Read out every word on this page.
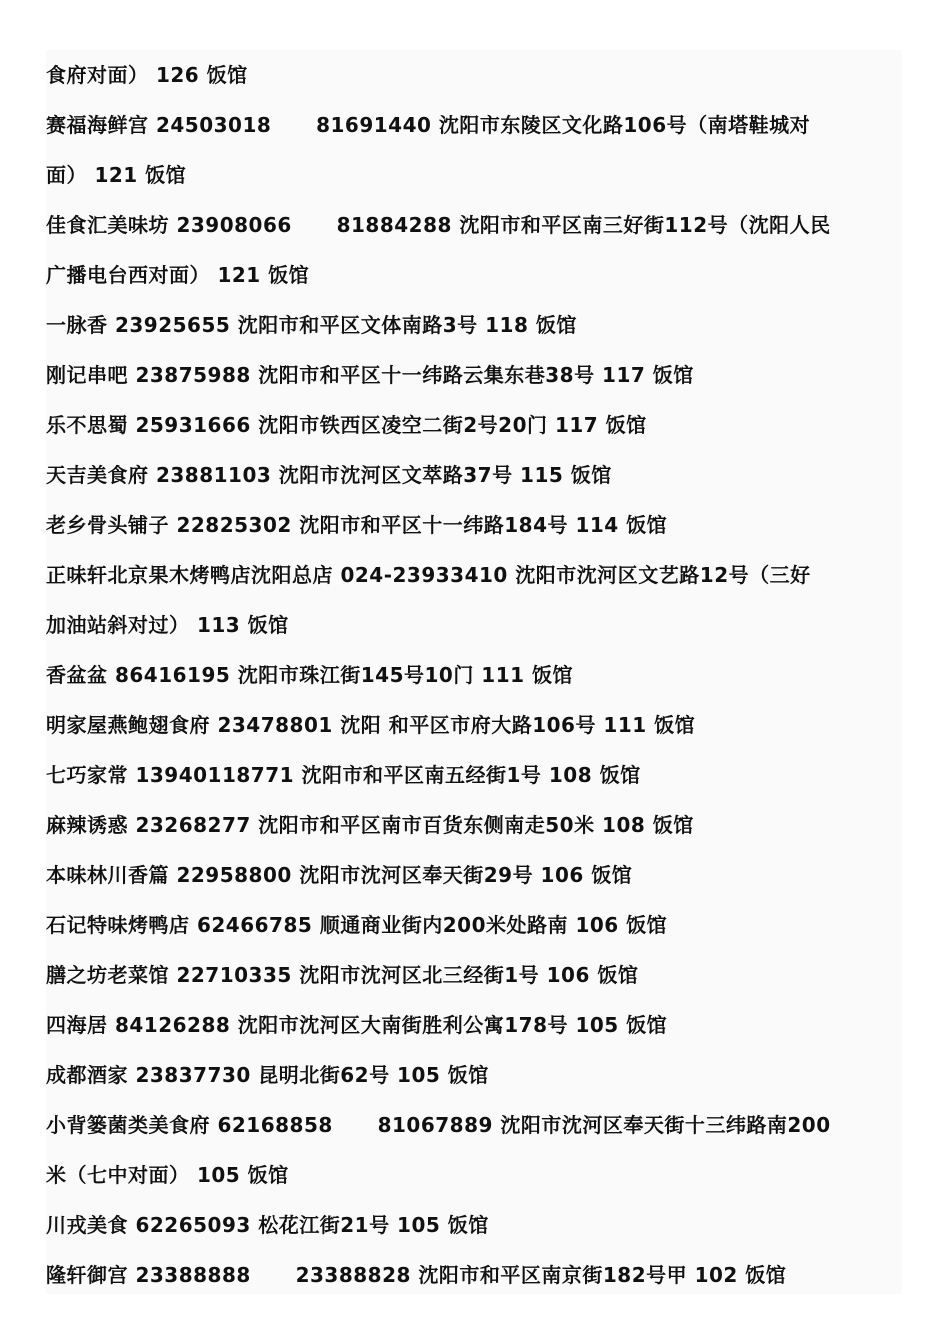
食府对面） 126 饭馆
赛福海鲜宫 24503018      81691440 沈阳市东陵区文化路106号（南塔鞋城对
面） 121 饭馆
佳食汇美味坊 23908066      81884288 沈阳市和平区南三好街112号（沈阳人民
广播电台西对面） 121 饭馆
一脉香 23925655 沈阳市和平区文体南路3号 118 饭馆
刚记串吧 23875988 沈阳市和平区十一纬路云集东巷38号 117 饭馆
乐不思蜀 25931666 沈阳市铁西区凌空二街2号20门 117 饭馆
天吉美食府 23881103 沈阳市沈河区文萃路37号 115 饭馆
老乡骨头铺子 22825302 沈阳市和平区十一纬路184号 114 饭馆
正味轩北京果木烤鸭店沈阳总店 024-23933410 沈阳市沈河区文艺路12号（三好
加油站斜对过） 113 饭馆
香盆盆 86416195 沈阳市珠江街145号10门 111 饭馆
明家屋燕鲍翅食府 23478801 沈阳 和平区市府大路106号 111 饭馆
七巧家常 13940118771 沈阳市和平区南五经街1号 108 饭馆
麻辣诱惑 23268277 沈阳市和平区南市百货东侧南走50米 108 饭馆
本味林川香篇 22958800 沈阳市沈河区奉天街29号 106 饭馆
石记特味烤鸭店 62466785 顺通商业街内200米处路南 106 饭馆
膳之坊老菜馆 22710335 沈阳市沈河区北三经街1号 106 饭馆
四海居 84126288 沈阳市沈河区大南街胜利公寓178号 105 饭馆
成都酒家 23837730 昆明北街62号 105 饭馆
小背篓菌类美食府 62168858      81067889 沈阳市沈河区奉天街十三纬路南200
米（七中对面） 105 饭馆
川戎美食 62265093 松花江街21号 105 饭馆
隆轩御宫 23388888      23388828 沈阳市和平区南京街182号甲 102 饭馆
